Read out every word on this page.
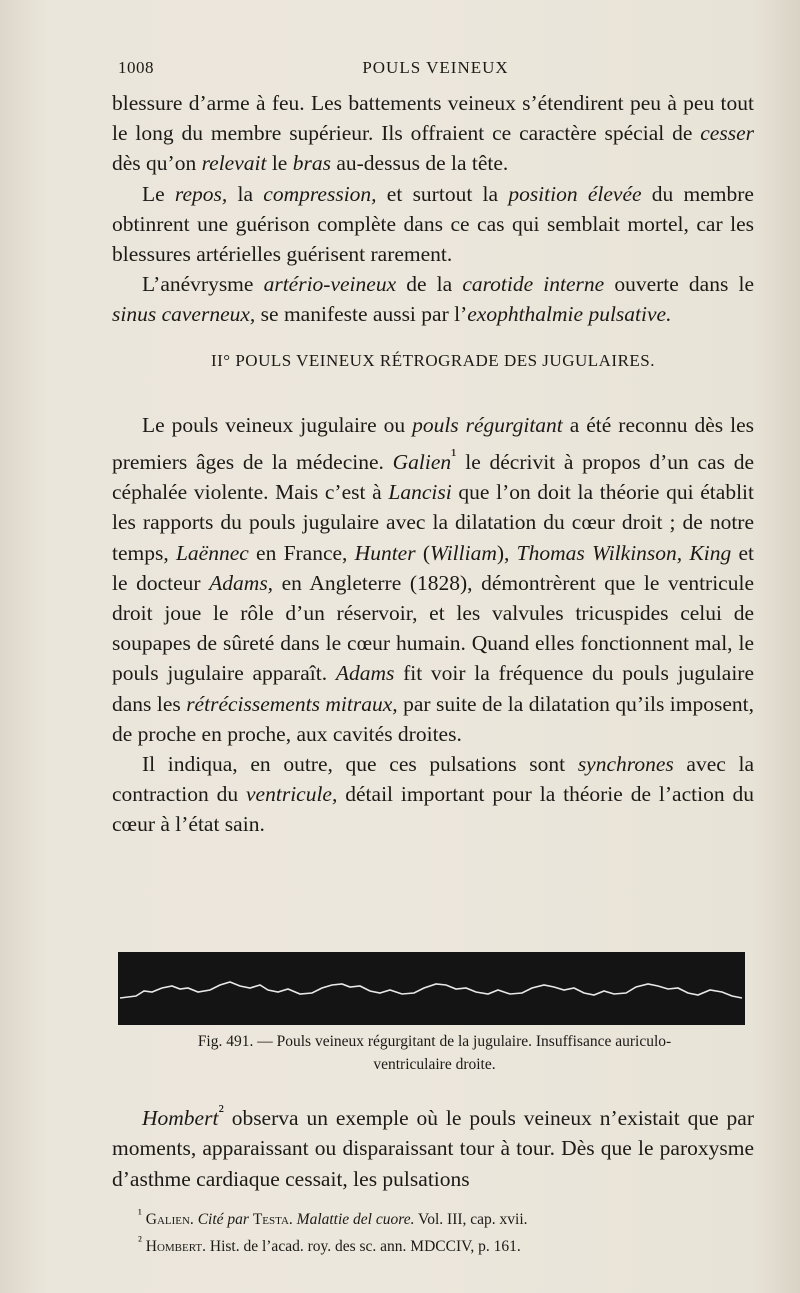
1008	POULS VEINEUX

blessure d’arme à feu. Les battements veineux s’étendirent peu à peu tout le long du membre supérieur. Ils offraient ce caractère spécial de cesser dès qu’on relevait le bras au-dessus de la tête.

Le repos, la compression, et surtout la position élevée du membre obtinrent une guérison complète dans ce cas qui semblait mortel, car les blessures artérielles guérisent rarement.

L’anévrysme artério-veineux de la carotide interne ouverte dans le sinus caverneux, se manifeste aussi par l’exophthalmie pulsative.

II° POULS VEINEUX RÉTROGRADE DES JUGULAIRES.

Le pouls veineux jugulaire ou pouls régurgitant a été reconnu dès les premiers âges de la médecine. Galien$^{^1}$ le décrivit à propos d’un cas de céphalée violente. Mais c’est à Lancisi que l’on doit la théorie qui établit les rapports du pouls jugulaire avec la dilatation du cœur droit ; de notre temps, Laënnec en France, Hunter (William), Thomas Wilkinson, King et le docteur Adams, en Angleterre (1828), démontrèrent que le ventricule droit joue le rôle d’un réservoir, et les valvules tricuspides celui de soupapes de sûreté dans le cœur humain. Quand elles fonctionnent mal, le pouls jugulaire apparaît. Adams fit voir la fréquence du pouls jugulaire dans les rétrécissements mitraux, par suite de la dilatation qu’ils imposent, de proche en proche, aux cavités droites.

Il indiqua, en outre, que ces pulsations sont synchrones avec la contraction du ventricule, détail important pour la théorie de l’action du cœur à l’état sain.

Fig. 491. — Pouls veineux régurgitant de la jugulaire. Insuffisance auriculo-
ventriculaire droite.

Hombert$^{^2}$ observa un exemple où le pouls veineux n’existait que par moments, apparaissant ou disparaissant tour à tour. Dès que le paroxysme d’asthme cardiaque cessait, les pulsations

$^{^1}$ Galien. Cité par Testa. Malattie del cuore. Vol. III, cap. xvii.
$^{^2}$ Hombert. Hist. de l’acad. roy. des sc. ann. MDCCIV, p. 161.
